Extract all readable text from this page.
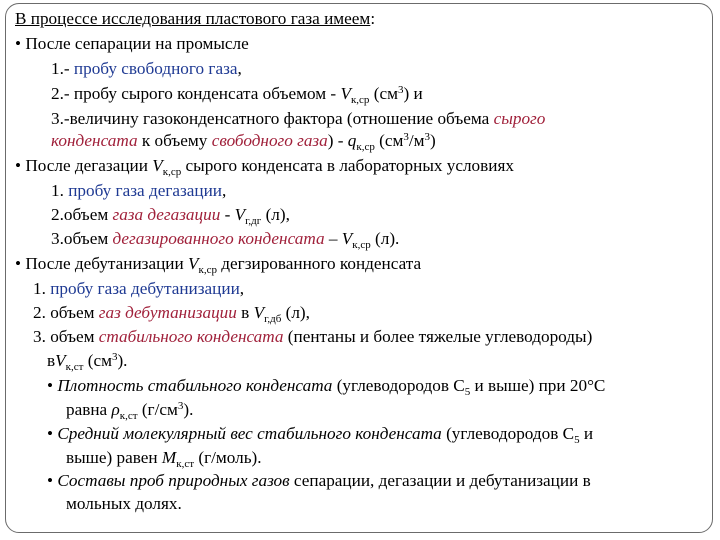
В процессе исследования пластового газа имеем:
• После сепарации на промысле
1.- пробу свободного газа,
2.- пробу сырого конденсата объемом - $V_{к,ср}$ $(см^3)$ и
3.-величину газоконденсатного фактора (отношение объема сырого
конденсата к объему свободного газа) - $q_{к,ср}$ $(см^3/м^3)$
• После дегазации $V_{к,ср}$ сырого конденсата в лабораторных условиях
1. пробу газа дегазации,
2.объем газа дегазации - $V_{г,дг}$ (л),
3.объем дегазированного конденсата – $V_{к,ср}$ (л).
• После дебутанизации $V_{к,ср}$ дегзированного конденсата
1. пробу газа дебутанизации,
2. объем газ дебутанизации в $V_{г,дб}$ (л),
3. объем стабильного конденсата (пентаны и более тяжелые углеводороды)
$вV_{к,ст}$ $(см^3)$.
• Плотность стабильного конденсата (углеводородов $С_5$ и выше) при 20°С
равна $\rho_{к,ст}$ $(г/см^3)$.
• Средний молекулярный вес стабильного конденсата (углеводородов $С_5$ и
выше) равен $М_{к,ст}$ (г/моль).
• Составы проб природных газов сепарации, дегазации и дебутанизации в
мольных долях.
